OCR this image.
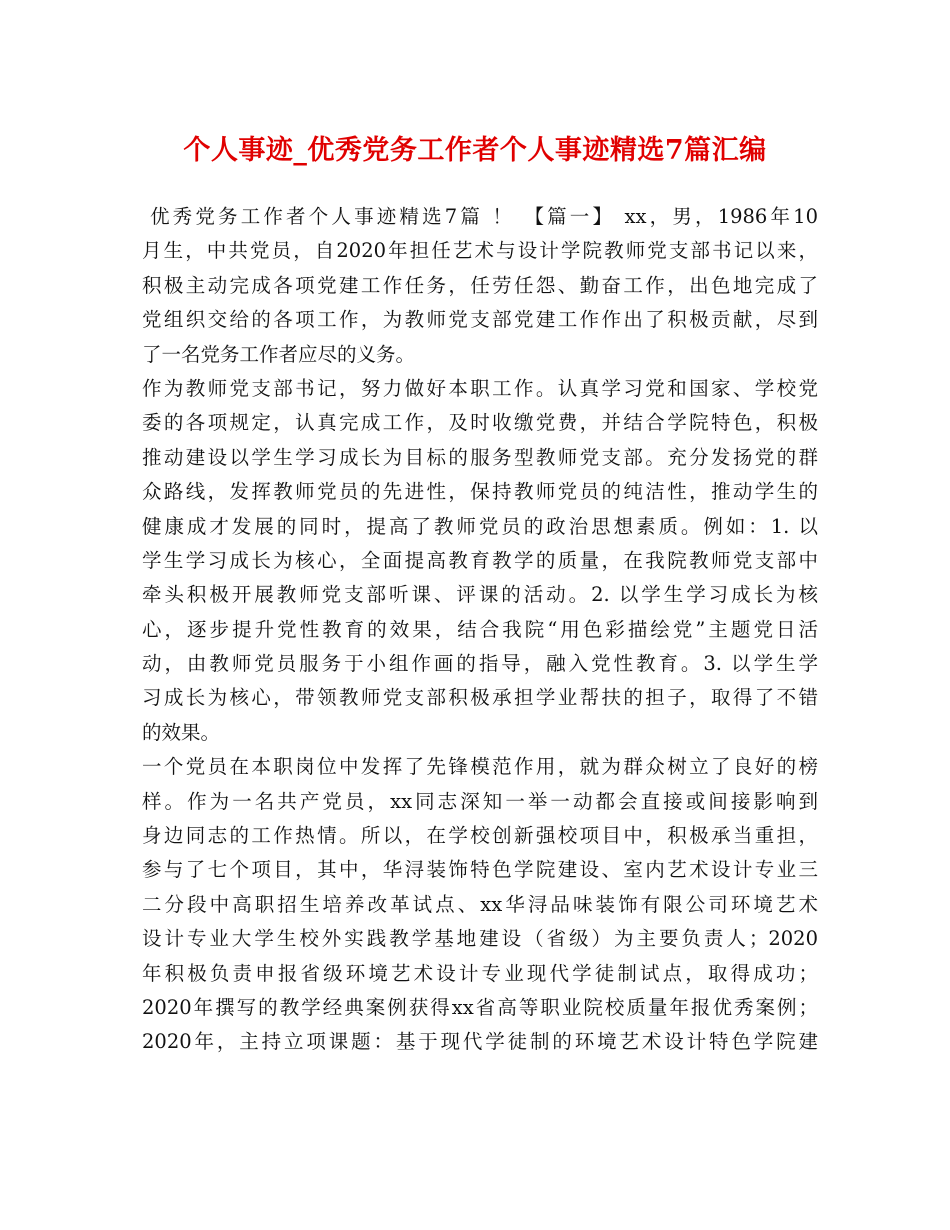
个人事迹_优秀党务工作者个人事迹精选7篇汇编
优秀党务工作者个人事迹精选7篇 ！ 【篇一】 xx，男，1986年10
月生，中共党员，自2020年担任艺术与设计学院教师党支部书记以来，
积极主动完成各项党建工作任务，任劳任怨、勤奋工作，出色地完成了
党组织交给的各项工作，为教师党支部党建工作作出了积极贡献，尽到
了一名党务工作者应尽的义务。
作为教师党支部书记，努力做好本职工作。认真学习党和国家、学校党
委的各项规定，认真完成工作，及时收缴党费，并结合学院特色，积极
推动建设以学生学习成长为目标的服务型教师党支部。充分发扬党的群
众路线，发挥教师党员的先进性，保持教师党员的纯洁性，推动学生的
健康成才发展的同时，提高了教师党员的政治思想素质。例如：1. 以
学生学习成长为核心，全面提高教育教学的质量，在我院教师党支部中
牵头积极开展教师党支部听课、评课的活动。2. 以学生学习成长为核
心，逐步提升党性教育的效果，结合我院“用色彩描绘党”主题党日活
动，由教师党员服务于小组作画的指导，融入党性教育。3. 以学生学
习成长为核心，带领教师党支部积极承担学业帮扶的担子，取得了不错
的效果。
一个党员在本职岗位中发挥了先锋模范作用，就为群众树立了良好的榜
样。作为一名共产党员，xx同志深知一举一动都会直接或间接影响到
身边同志的工作热情。所以，在学校创新强校项目中，积极承当重担，
参与了七个项目，其中，华浔装饰特色学院建设、室内艺术设计专业三
二分段中高职招生培养改革试点、xx华浔品味装饰有限公司环境艺术
设计专业大学生校外实践教学基地建设（省级）为主要负责人；2020
年积极负责申报省级环境艺术设计专业现代学徒制试点，取得成功；
2020年撰写的教学经典案例获得xx省高等职业院校质量年报优秀案例；
2020年，主持立项课题：基于现代学徒制的环境艺术设计特色学院建
